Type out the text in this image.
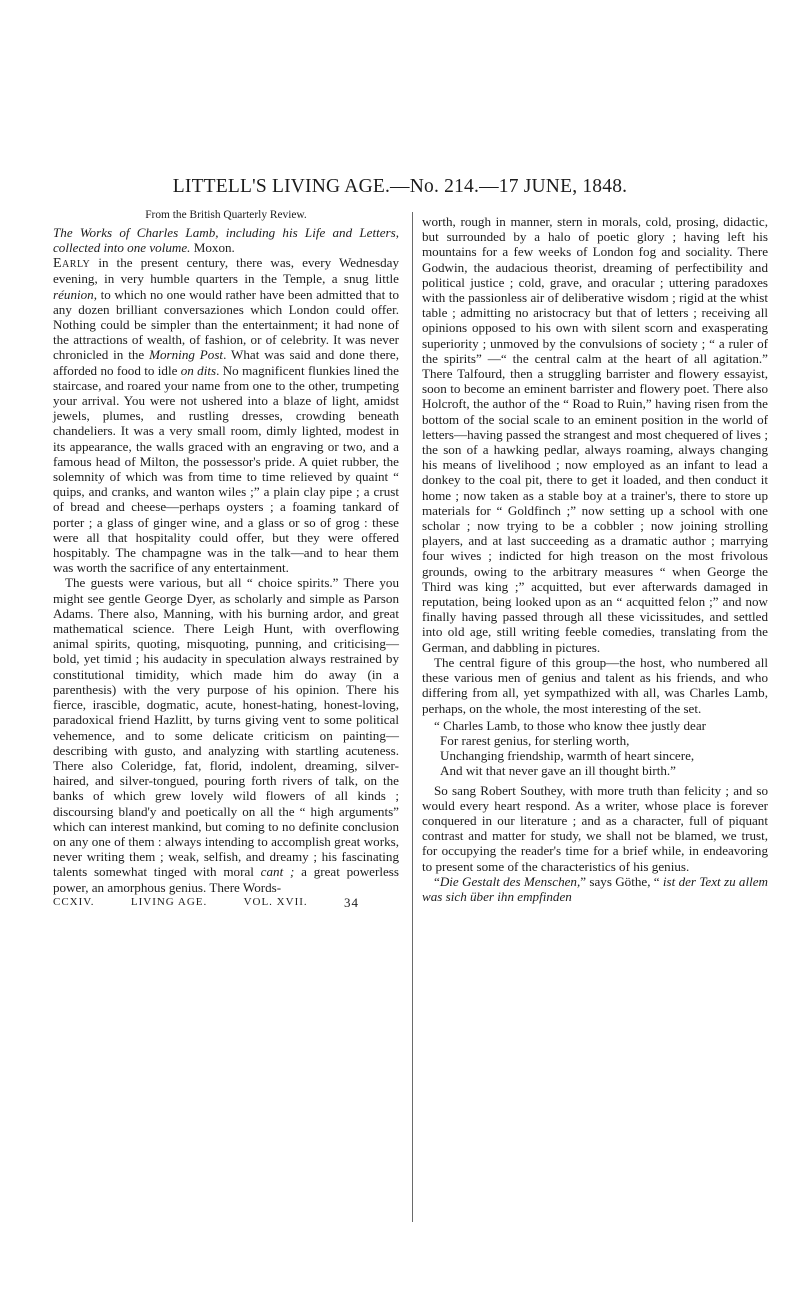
LITTELL'S LIVING AGE.—No. 214.—17 JUNE, 1848.
From the British Quarterly Review.

The Works of Charles Lamb, including his Life and Letters, collected into one volume. Moxon.

Early in the present century, there was, every Wednesday evening, in very humble quarters in the Temple, a snug little réunion, to which no one would rather have been admitted that to any dozen brilliant conversaziones which London could offer. Nothing could be simpler than the entertainment; it had none of the attractions of wealth, of fashion, or of celebrity. It was never chronicled in the Morning Post. What was said and done there, afforded no food to idle on dits. No magnificent flunkies lined the staircase, and roared your name from one to the other, trumpeting your arrival. You were not ushered into a blaze of light, amidst jewels, plumes, and rustling dresses, crowding beneath chandeliers. It was a very small room, dimly lighted, modest in its appearance, the walls graced with an engraving or two, and a famous head of Milton, the possessor's pride. A quiet rubber, the solemnity of which was from time to time relieved by quaint “ quips, and cranks, and wanton wiles ;” a plain clay pipe ; a crust of bread and cheese—perhaps oysters ; a foaming tankard of porter ; a glass of ginger wine, and a glass or so of grog : these were all that hospitality could offer, but they were offered hospitably. The champagne was in the talk—and to hear them was worth the sacrifice of any entertainment.

The guests were various, but all “ choice spirits.” There you might see gentle George Dyer, as scholarly and simple as Parson Adams. There also, Manning, with his burning ardor, and great mathematical science. There Leigh Hunt, with overflowing animal spirits, quoting, misquoting, punning, and criticising—bold, yet timid ; his audacity in speculation always restrained by constitutional timidity, which made him do away (in a parenthesis) with the very purpose of his opinion. There his fierce, irascible, dogmatic, acute, honest-hating, honest-loving, paradoxical friend Hazlitt, by turns giving vent to some political vehemence, and to some delicate criticism on painting—describing with gusto, and analyzing with startling acuteness. There also Coleridge, fat, florid, indolent, dreaming, silver-haired, and silver-tongued, pouring forth rivers of talk, on the banks of which grew lovely wild flowers of all kinds ; discoursing bland'y and poetically on all the “ high arguments” which can interest mankind, but coming to no definite conclusion on any one of them : always intending to accomplish great works, never writing them ; weak, selfish, and dreamy ; his fascinating talents somewhat tinged with moral cant ; a great powerless power, an amorphous genius. There Words-

CCXIV.	LIVING AGE.	VOL. XVII.	34

worth, rough in manner, stern in morals, cold, prosing, didactic, but surrounded by a halo of poetic glory ; having left his mountains for a few weeks of London fog and sociality. There Godwin, the audacious theorist, dreaming of perfectibility and political justice ; cold, grave, and oracular ; uttering paradoxes with the passionless air of deliberative wisdom ; rigid at the whist table ; admitting no aristocracy but that of letters ; receiving all opinions opposed to his own with silent scorn and exasperating superiority ; unmoved by the convulsions of society ; “ a ruler of the spirits” —“ the central calm at the heart of all agitation.” There Talfourd, then a struggling barrister and flowery essayist, soon to become an eminent barrister and flowery poet. There also Holcroft, the author of the “ Road to Ruin,” having risen from the bottom of the social scale to an eminent position in the world of letters—having passed the strangest and most chequered of lives ; the son of a hawking pedlar, always roaming, always changing his means of livelihood ; now employed as an infant to lead a donkey to the coal pit, there to get it loaded, and then conduct it home ; now taken as a stable boy at a trainer's, there to store up materials for “ Goldfinch ;” now setting up a school with one scholar ; now trying to be a cobbler ; now joining strolling players, and at last succeeding as a dramatic author ; marrying four wives ; indicted for high treason on the most frivolous grounds, owing to the arbitrary measures “ when George the Third was king ;” acquitted, but ever afterwards damaged in reputation, being looked upon as an “ acquitted felon ;” and now finally having passed through all these vicissitudes, and settled into old age, still writing feeble comedies, translating from the German, and dabbling in pictures.

The central figure of this group—the host, who numbered all these various men of genius and talent as his friends, and who differing from all, yet sympathized with all, was Charles Lamb, perhaps, on the whole, the most interesting of the set.

“ Charles Lamb, to those who know thee justly dear
For rarest genius, for sterling worth,
Unchanging friendship, warmth of heart sincere,
And wit that never gave an ill thought birth.”

So sang Robert Southey, with more truth than felicity ; and so would every heart respond. As a writer, whose place is forever conquered in our literature ; and as a character, full of piquant contrast and matter for study, we shall not be blamed, we trust, for occupying the reader's time for a brief while, in endeavoring to present some of the characteristics of his genius.

“Die Gestalt des Menschen,” says Göthe, “ ist der Text zu allem was sich über ihn empfinden
